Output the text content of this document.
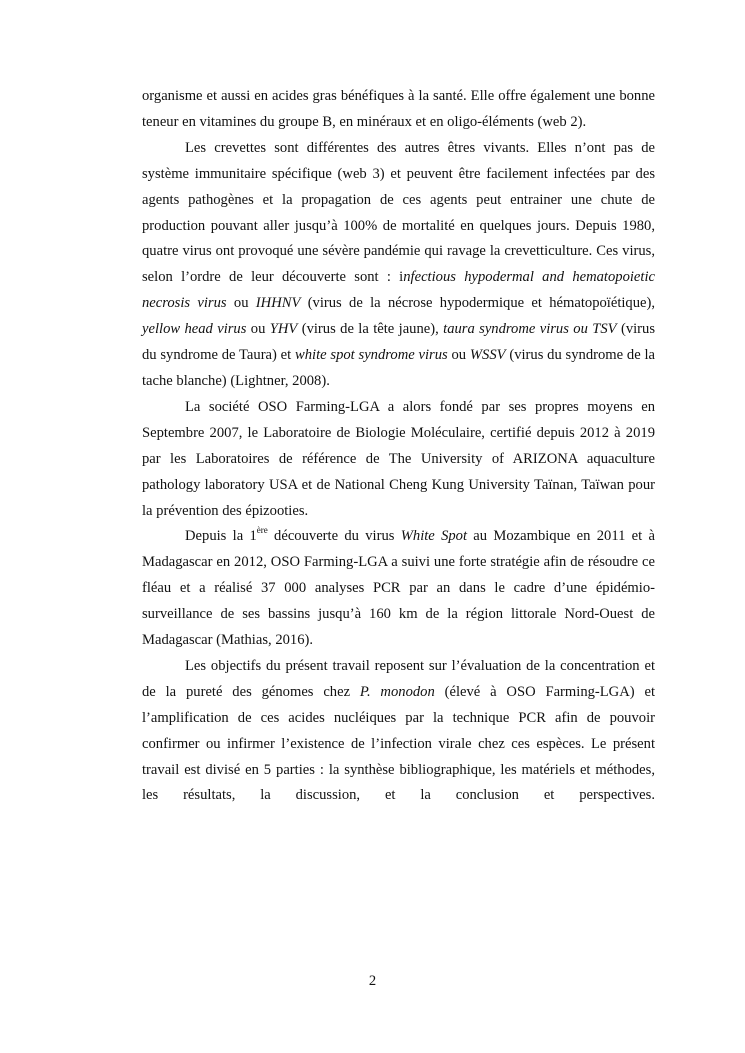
organisme et aussi en acides gras bénéfiques à la santé. Elle offre également une bonne teneur en vitamines du groupe B, en minéraux et en oligo-éléments (web 2).

Les crevettes sont différentes des autres êtres vivants. Elles n’ont pas de système immunitaire spécifique (web 3) et peuvent être facilement infectées par des agents pathogènes et la propagation de ces agents peut entrainer une chute de production pouvant aller jusqu’à 100% de mortalité en quelques jours. Depuis 1980, quatre virus ont provoqué une sévère pandémie qui ravage la crevetticulture. Ces virus, selon l’ordre de leur découverte sont : infectious hypodermal and hematopoietic necrosis virus ou IHHNV (virus de la nécrose hypodermique et hématopoïétique), yellow head virus ou YHV (virus de la tête jaune), taura syndrome virus ou TSV (virus du syndrome de Taura) et white spot syndrome virus ou WSSV (virus du syndrome de la tache blanche) (Lightner, 2008).

La société OSO Farming-LGA a alors fondé par ses propres moyens en Septembre 2007, le Laboratoire de Biologie Moléculaire, certifié depuis 2012 à 2019 par les Laboratoires de référence de The University of ARIZONA aquaculture pathology laboratory USA et de National Cheng Kung University Taïnan, Taïwan pour la prévention des épizooties.

Depuis la 1ère découverte du virus White Spot au Mozambique en 2011 et à Madagascar en 2012, OSO Farming-LGA a suivi une forte stratégie afin de résoudre ce fléau et a réalisé 37 000 analyses PCR par an dans le cadre d’une épidémio-surveillance de ses bassins jusqu’à 160 km de la région littorale Nord-Ouest de Madagascar (Mathias, 2016).

Les objectifs du présent travail reposent sur l’évaluation de la concentration et de la pureté des génomes chez P. monodon (élevé à OSO Farming-LGA) et l’amplification de ces acides nucléiques par la technique PCR afin de pouvoir confirmer ou infirmer l’existence de l’infection virale chez ces espèces. Le présent travail est divisé en 5 parties : la synthèse bibliographique, les matériels et méthodes, les résultats, la discussion, et la conclusion et perspectives.

2
